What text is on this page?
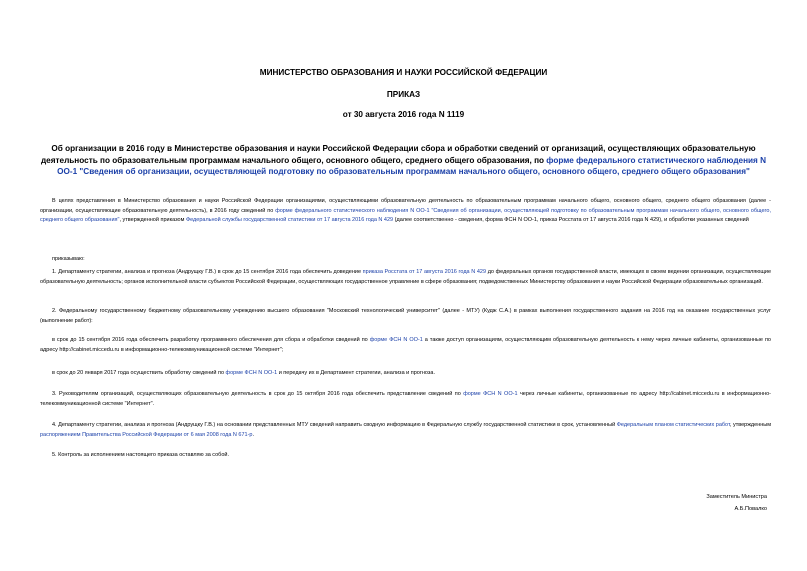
МИНИСТЕРСТВО ОБРАЗОВАНИЯ И НАУКИ РОССИЙСКОЙ ФЕДЕРАЦИИ
ПРИКАЗ
от 30 августа 2016 года N 1119
Об организации в 2016 году в Министерстве образования и науки Российской Федерации сбора и обработки сведений от организаций, осуществляющих образовательную деятельность по образовательным программам начального общего, основного общего, среднего общего образования, по форме федерального статистического наблюдения N ОО-1 "Сведения об организации, осуществляющей подготовку по образовательным программам начального общего, основного общего, среднего общего образования"

В целях представления в Министерство образования и науки Российской Федерации организациями, осуществляющими образовательную деятельность по образовательным программам начального общего, основного общего, среднего общего образования (далее - организации, осуществляющие образовательную деятельность), в 2016 году сведений по форме федерального статистического наблюдения N ОО-1 "Сведения об организации, осуществляющей подготовку по образовательным программам начального общего, основного общего, среднего общего образования", утвержденной приказом Федеральной службы государственной статистики от 17 августа 2016 года N 429 (далее соответственно - сведения, форма ФСН N ОО-1, приказ Росстата от 17 августа 2016 года N 429), и обработки указанных сведений

приказываю:

1. Департаменту стратегии, анализа и прогноза (Андрущку Г.В.) в срок до 15 сентября 2016 года обеспечить доведение приказа Росстата от 17 августа 2016 года N 429 до федеральных органов государственной власти, имеющих в своем ведении организации, осуществляющие образовательную деятельность; органов исполнительной власти субъектов Российской Федерации, осуществляющих государственное управление в сфере образования; подведомственных Министерству образования и науки Российской Федерации образовательных организаций.

2. Федеральному государственному бюджетному образовательному учреждению высшего образования "Московский технологический университет" (далее - МТУ) (Кудж С.А.) в рамках выполнения государственного задания на 2016 год на оказание государственных услуг (выполнение работ):

в срок до 15 сентября 2016 года обеспечить разработку программного обеспечения для сбора и обработки сведений по форме ФСН N ОО-1 а также доступ организациям, осуществляющим образовательную деятельность к нему через личные кабинеты, организованные по адресу http://cabinet.miccedu.ru в информационно-телекоммуникационной системе "Интернет";

в срок до 20 января 2017 года осуществить обработку сведений по форме ФСН N ОО-1 и передачу их в Департамент стратегии, анализа и прогноза.

3. Руководителям организаций, осуществляющих образовательную деятельность в срок до 15 октября 2016 года обеспечить представление сведений по форме ФСН N ОО-1 через личные кабинеты, организованные по адресу http://cabinet.miccedu.ru в информационно-телекоммуникационной системе "Интернет".

4. Департаменту стратегии, анализа и прогноза (Андрущку Г.В.) на основании представленных МТУ сведений направить сводную информацию в Федеральную службу государственной статистики в срок, установленный Федеральным планом статистических работ, утвержденным распоряжением Правительства Российской Федерации от 6 мая 2008 года N 671-р.

5. Контроль за исполнением настоящего приказа оставляю за собой.

Заместитель Министра
А.Б.Повалко
